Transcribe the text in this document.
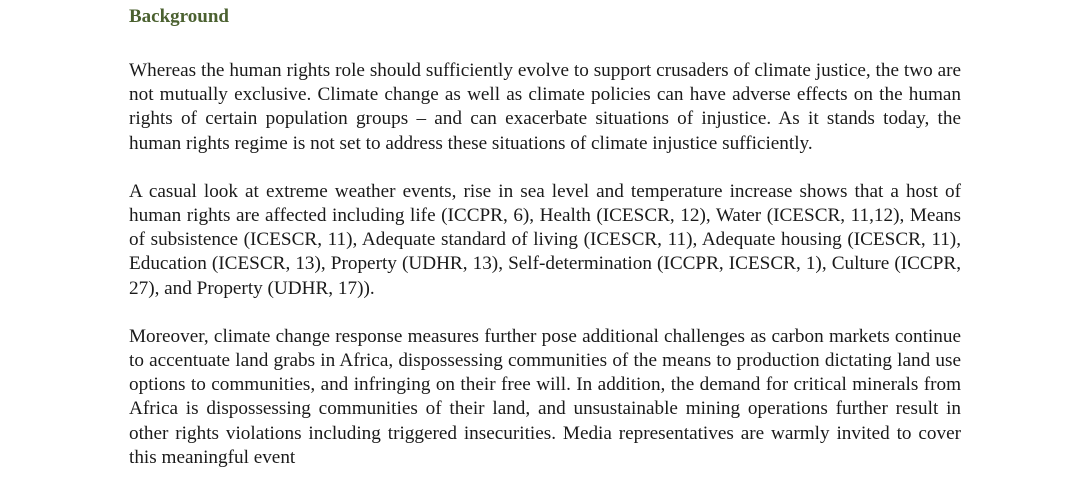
Background

Whereas the human rights role should sufficiently evolve to support crusaders of climate justice, the two are not mutually exclusive. Climate change as well as climate policies can have adverse effects on the human rights of certain population groups – and can exacerbate situations of injustice. As it stands today, the human rights regime is not set to address these situations of climate injustice sufficiently.

A casual look at extreme weather events, rise in sea level and temperature increase shows that a host of human rights are affected including life (ICCPR, 6), Health (ICESCR, 12), Water (ICESCR, 11,12), Means of subsistence (ICESCR, 11), Adequate standard of living (ICESCR, 11), Adequate housing (ICESCR, 11), Education (ICESCR, 13), Property (UDHR, 13), Self-determination (ICCPR, ICESCR, 1), Culture (ICCPR, 27), and Property (UDHR, 17)).

Moreover, climate change response measures further pose additional challenges as carbon markets continue to accentuate land grabs in Africa, dispossessing communities of the means to production dictating land use options to communities, and infringing on their free will. In addition, the demand for critical minerals from Africa is dispossessing communities of their land, and unsustainable mining operations further result in other rights violations including triggered insecurities. Media representatives are warmly invited to cover this meaningful event
